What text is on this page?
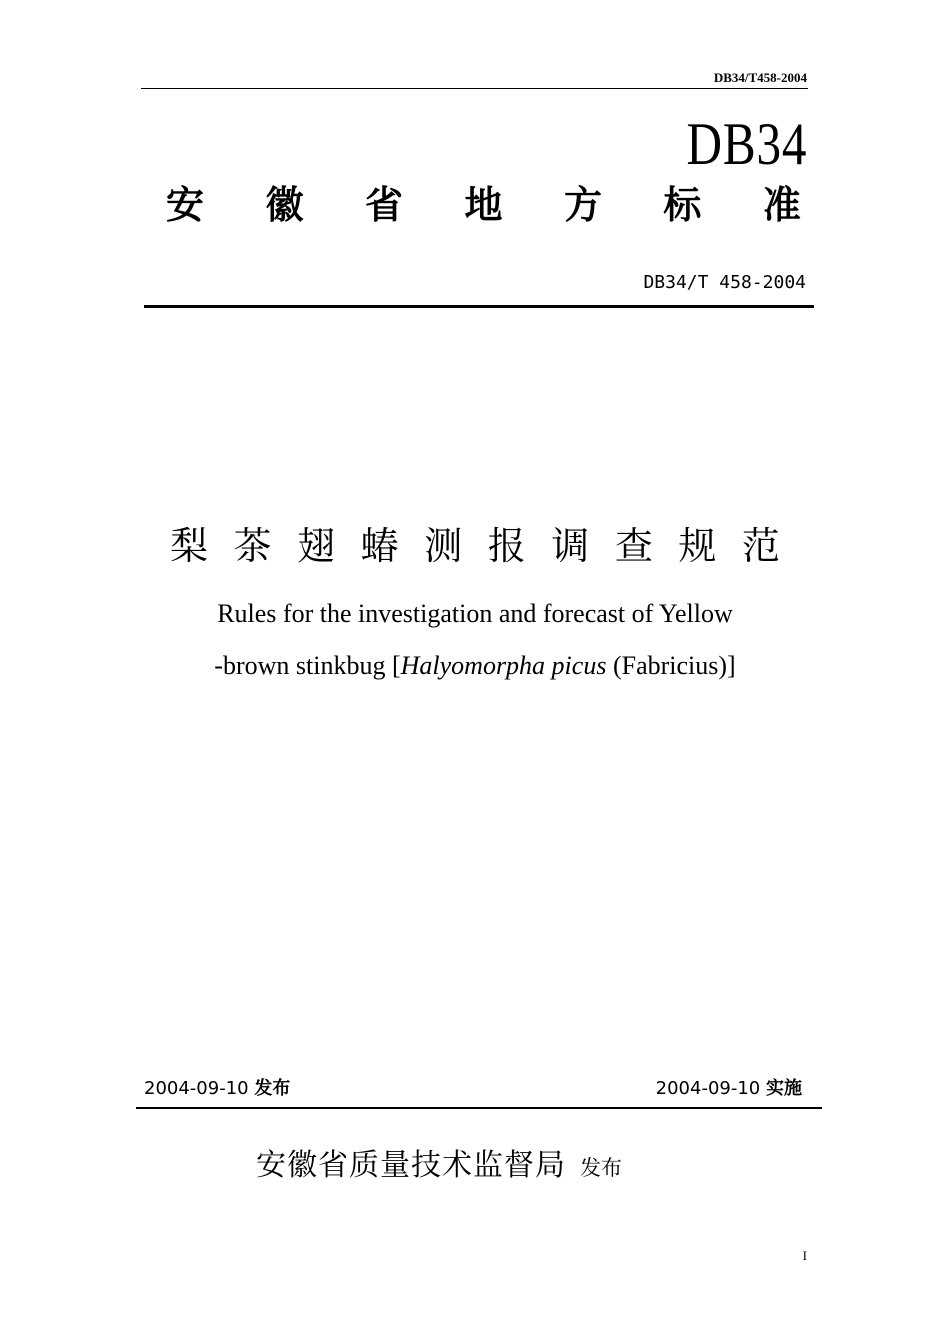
DB34/T458-2004
DB34
安 徽 省 地 方 标 准
DB34/T 458-2004
梨 茶 翅 蝽 测 报 调 查 规 范
Rules for the investigation and forecast of Yellow
-brown stinkbug [Halyomorpha picus (Fabricius)]
2004-09-10 发布	2004-09-10 实施
安徽省质量技术监督局 发布
I
